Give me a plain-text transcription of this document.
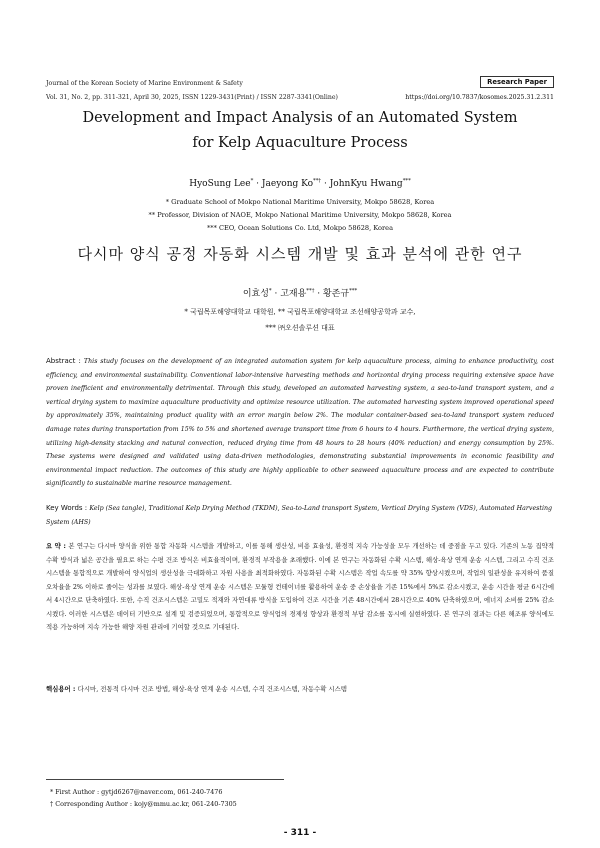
Journal of the Korean Society of Marine Environment & Safety
Vol. 31, No. 2, pp. 311-321, April 30, 2025, ISSN 1229-3431(Print) / ISSN 2287-3341(Online)
Research Paper
https://doi.org/10.7837/kosomes.2025.31.2.311
Development and Impact Analysis of an Automated System
for Kelp Aquaculture Process
HyoSung Lee* · Jaeyong Ko**† · JohnKyu Hwang***
* Graduate School of Mokpo National Maritime University, Mokpo 58628, Korea
** Professor, Division of NAOE, Mokpo National Maritime University, Mokpo 58628, Korea
*** CEO, Ocean Solutions Co. Ltd, Mokpo 58628, Korea
다시마 양식 공정 자동화 시스템 개발 및 효과 분석에 관한 연구
이효성* · 고재용**† · 황존규***
* 국립목포해양대학교 대학원, ** 국립목포해양대학교 조선해양공학과 교수,
*** ㈜오션솔루션 대표
Abstract : This study focuses on the development of an integrated automation system for kelp aquaculture process, aiming to enhance productivity, cost efficiency, and environmental sustainability. Conventional labor-intensive harvesting methods and horizontal drying process requiring extensive space have proven inefficient and environmentally detrimental. Through this study, developed an automated harvesting system, a sea-to-land transport system, and a vertical drying system to maximize aquaculture productivity and optimize resource utilization. The automated harvesting system improved operational speed by approximately 35%, maintaining product quality with an error margin below 2%. The modular container-based sea-to-land transport system reduced damage rates during transportation from 15% to 5% and shortened average transport time from 6 hours to 4 hours. Furthermore, the vertical drying system, utilizing high-density stacking and natural convection, reduced drying time from 48 hours to 28 hours (40% reduction) and energy consumption by 25%. These systems were designed and validated using data-driven methodologies, demonstrating substantial improvements in economic feasibility and environmental impact reduction. The outcomes of this study are highly applicable to other seaweed aquaculture process and are expected to contribute significantly to sustainable marine resource management.
Key Words : Kelp (Sea tangle), Traditional Kelp Drying Method (TKDM), Sea-to-Land transport System, Vertical Drying System (VDS), Automated Harvesting System (AHS)
요 약 : 본 연구는 다시마 양식을 위한 통합 자동화 시스템을 개발하고, 이를 통해 생산성, 비용 효율성, 환경적 지속 가능성을 모두 개선하는 데 중점을 두고 있다. 기존의 노동 집약적 수확 방식과 넓은 공간을 필요로 하는 수평 건조 방식은 비효율적이며, 환경적 부작용을 초래했다. 이에 본 연구는 자동화된 수확 시스템, 해상-육상 연계 운송 시스템, 그리고 수직 건조 시스템을 통합적으로 개발하여 양식업의 생산성을 극대화하고 자원 사용을 최적화하였다. 자동화된 수확 시스템은 작업 속도를 약 35% 향상시켰으며, 작업의 일관성을 유지하여 품질 오차율을 2% 이하로 줄이는 성과를 보였다. 해상-육상 연계 운송 시스템은 모듈형 컨테이너를 활용하여 운송 중 손상율을 기존 15%에서 5%로 감소시켰고, 운송 시간을 평균 6시간에서 4시간으로 단축하였다. 또한, 수직 건조시스템은 고밀도 적재와 자연대류 방식을 도입하여 건조 시간을 기존 48시간에서 28시간으로 40% 단축하였으며, 에너지 소비를 25% 감소시켰다. 이러한 시스템은 데이터 기반으로 설계 및 검증되었으며, 통합적으로 양식업의 경제성 향상과 환경적 부담 감소를 동시에 실현하였다. 본 연구의 결과는 다른 해조류 양식에도 적용 가능하며 지속 가능한 해양 자원 관리에 기여할 것으로 기대된다.
핵심용어 : 다시마, 전통적 다시마 건조 방법, 해상-육상 연계 운송 시스템, 수직 건조시스템, 자동수확 시스템
* First Author : gytjd6267@naver.com, 061-240-7476
† Corresponding Author : kojy@mmu.ac.kr, 061-240-7305
- 311 -
